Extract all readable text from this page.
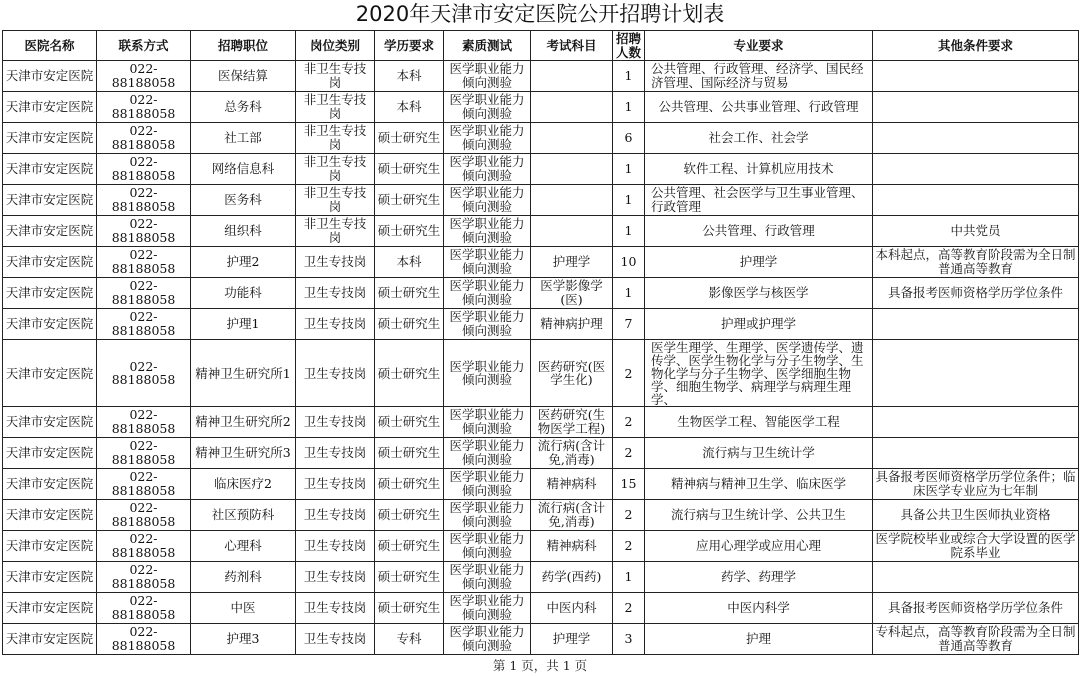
2020年天津市安定医院公开招聘计划表
医院名称	联系方式	招聘职位	岗位类别	学历要求	素质测试	考试科目	招聘人数	专业要求	其他条件要求
天津市安定医院	022-88188058	医保结算	非卫生专技岗	本科	医学职业能力倾向测验		1	公共管理、行政管理、经济学、国民经济管理、国际经济与贸易	
天津市安定医院	022-88188058	总务科	非卫生专技岗	本科	医学职业能力倾向测验		1	公共管理、公共事业管理、行政管理	
天津市安定医院	022-88188058	社工部	非卫生专技岗	硕士研究生	医学职业能力倾向测验		6	社会工作、社会学	
天津市安定医院	022-88188058	网络信息科	非卫生专技岗	硕士研究生	医学职业能力倾向测验		1	软件工程、计算机应用技术	
天津市安定医院	022-88188058	医务科	非卫生专技岗	硕士研究生	医学职业能力倾向测验		1	公共管理、社会医学与卫生事业管理、行政管理	
天津市安定医院	022-88188058	组织科	非卫生专技岗	硕士研究生	医学职业能力倾向测验		1	公共管理、行政管理	中共党员
天津市安定医院	022-88188058	护理2	卫生专技岗	本科	医学职业能力倾向测验	护理学	10	护理学	本科起点，高等教育阶段需为全日制普通高等教育
天津市安定医院	022-88188058	功能科	卫生专技岗	硕士研究生	医学职业能力倾向测验	医学影像学(医)	1	影像医学与核医学	具备报考医师资格学历学位条件
天津市安定医院	022-88188058	护理1	卫生专技岗	硕士研究生	医学职业能力倾向测验	精神病护理	7	护理或护理学	
天津市安定医院	022-88188058	精神卫生研究所1	卫生专技岗	硕士研究生	医学职业能力倾向测验	医药研究(医学生化)	2	医学生理学、生理学、医学遗传学、遗传学、医学生物化学与分子生物学、生物化学与分子生物学、医学细胞生物学、细胞生物学、病理学与病理生理学、	
天津市安定医院	022-88188058	精神卫生研究所2	卫生专技岗	硕士研究生	医学职业能力倾向测验	医药研究(生物医学工程)	2	生物医学工程、智能医学工程	
天津市安定医院	022-88188058	精神卫生研究所3	卫生专技岗	硕士研究生	医学职业能力倾向测验	流行病(含计免,消毒)	2	流行病与卫生统计学	
天津市安定医院	022-88188058	临床医疗2	卫生专技岗	硕士研究生	医学职业能力倾向测验	精神病科	15	精神病与精神卫生学、临床医学	具备报考医师资格学历学位条件；临床医学专业应为七年制
天津市安定医院	022-88188058	社区预防科	卫生专技岗	硕士研究生	医学职业能力倾向测验	流行病(含计免,消毒)	2	流行病与卫生统计学、公共卫生	具备公共卫生医师执业资格
天津市安定医院	022-88188058	心理科	卫生专技岗	硕士研究生	医学职业能力倾向测验	精神病科	2	应用心理学或应用心理	医学院校毕业或综合大学设置的医学院系毕业
天津市安定医院	022-88188058	药剂科	卫生专技岗	硕士研究生	医学职业能力倾向测验	药学(西药)	1	药学、药理学	
天津市安定医院	022-88188058	中医	卫生专技岗	硕士研究生	医学职业能力倾向测验	中医内科	2	中医内科学	具备报考医师资格学历学位条件
天津市安定医院	022-88188058	护理3	卫生专技岗	专科	医学职业能力倾向测验	护理学	3	护理	专科起点，高等教育阶段需为全日制普通高等教育
第 1 页，共 1 页
